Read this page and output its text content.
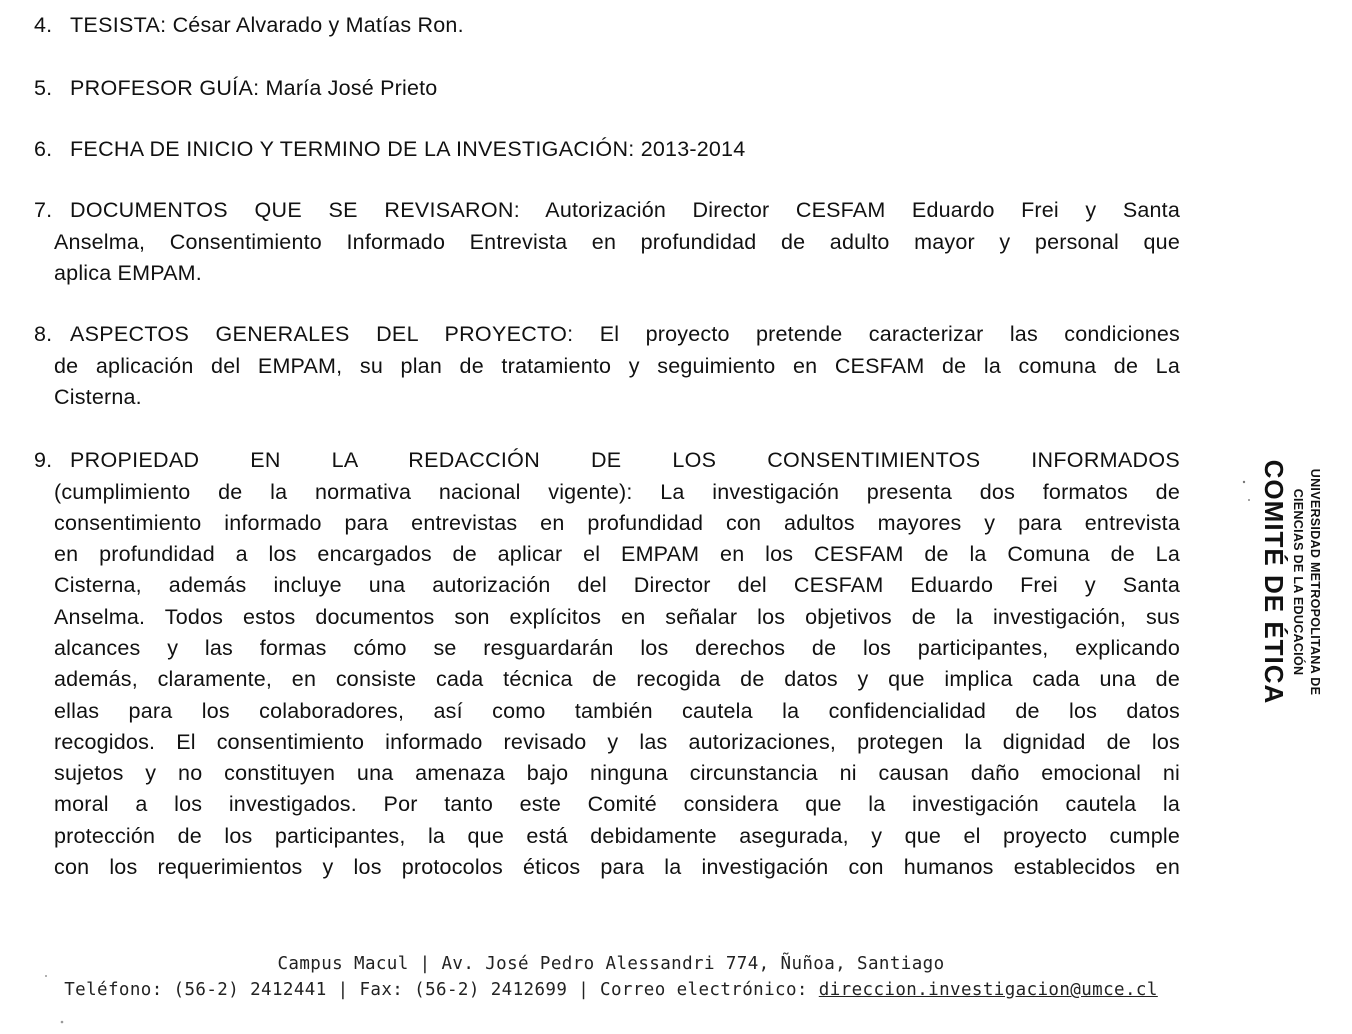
4. TESISTA: César Alvarado y Matías Ron.
5. PROFESOR GUÍA: María José Prieto
6. FECHA DE INICIO Y TERMINO DE LA INVESTIGACIÓN: 2013-2014
7. DOCUMENTOS QUE SE REVISARON: Autorización Director CESFAM Eduardo Frei y Santa
Anselma, Consentimiento Informado Entrevista en profundidad de adulto mayor y personal que
aplica EMPAM.
8. ASPECTOS GENERALES DEL PROYECTO: El proyecto pretende caracterizar las condiciones
de aplicación del EMPAM, su plan de tratamiento y seguimiento en CESFAM de la comuna de La
Cisterna.
9. PROPIEDAD EN LA REDACCIÓN DE LOS CONSENTIMIENTOS INFORMADOS
(cumplimiento de la normativa nacional vigente): La investigación presenta dos formatos de
consentimiento informado para entrevistas en profundidad con adultos mayores y para entrevista
en profundidad a los encargados de aplicar el EMPAM en los CESFAM de la Comuna de La
Cisterna, además incluye una autorización del Director del CESFAM Eduardo Frei y Santa
Anselma. Todos estos documentos son explícitos en señalar los objetivos de la investigación, sus
alcances y las formas cómo se resguardarán los derechos de los participantes, explicando
además, claramente, en consiste cada técnica de recogida de datos y que implica cada una de
ellas para los colaboradores, así como también cautela la confidencialidad de los datos
recogidos. El consentimiento informado revisado y las autorizaciones, protegen la dignidad de los
sujetos y no constituyen una amenaza bajo ninguna circunstancia ni causan daño emocional ni
moral a los investigados. Por tanto este Comité considera que la investigación cautela la
protección de los participantes, la que está debidamente asegurada, y que el proyecto cumple
con los requerimientos y los protocolos éticos para la investigación con humanos establecidos en
UNIVERSIDAD METROPOLITANA DE
CIENCIAS DE LA EDUCACIÓN
COMITÉ DE ÉTICA
Campus Macul | Av. José Pedro Alessandri 774, Ñuñoa, Santiago
Teléfono: (56-2) 2412441 | Fax: (56-2) 2412699 | Correo electrónico: direccion.investigacion@umce.cl
